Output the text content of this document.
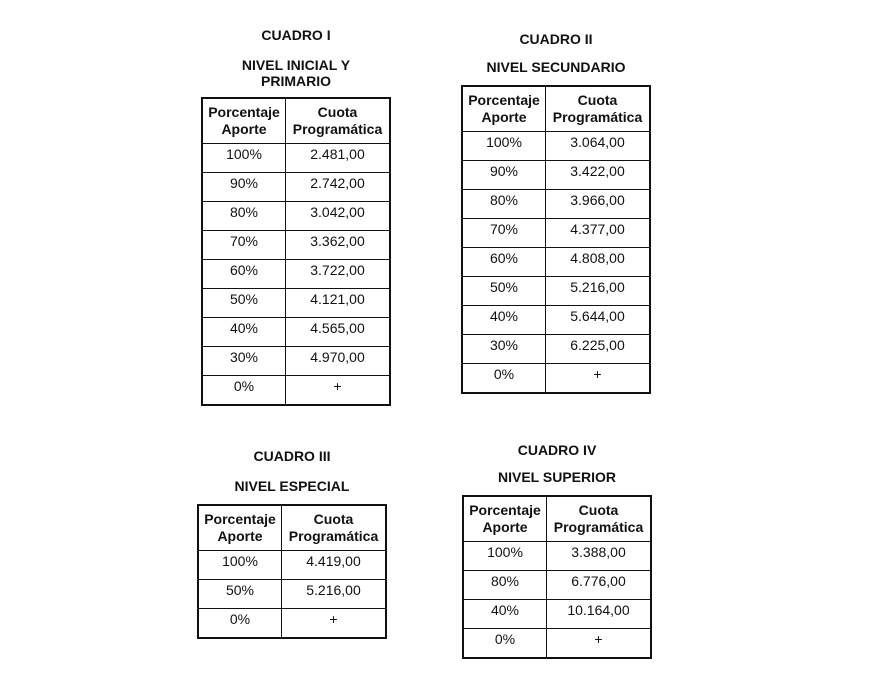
CUADRO I
NIVEL INICIAL Y PRIMARIO
Porcentaje Aporte	Cuota Programática
100%	2.481,00
90%	2.742,00
80%	3.042,00
70%	3.362,00
60%	3.722,00
50%	4.121,00
40%	4.565,00
30%	4.970,00
0%	+
CUADRO II
NIVEL SECUNDARIO
Porcentaje Aporte	Cuota Programática
100%	3.064,00
90%	3.422,00
80%	3.966,00
70%	4.377,00
60%	4.808,00
50%	5.216,00
40%	5.644,00
30%	6.225,00
0%	+
CUADRO III
NIVEL ESPECIAL
Porcentaje Aporte	Cuota Programática
100%	4.419,00
50%	5.216,00
0%	+
CUADRO IV
NIVEL SUPERIOR
Porcentaje Aporte	Cuota Programática
100%	3.388,00
80%	6.776,00
40%	10.164,00
0%	+
